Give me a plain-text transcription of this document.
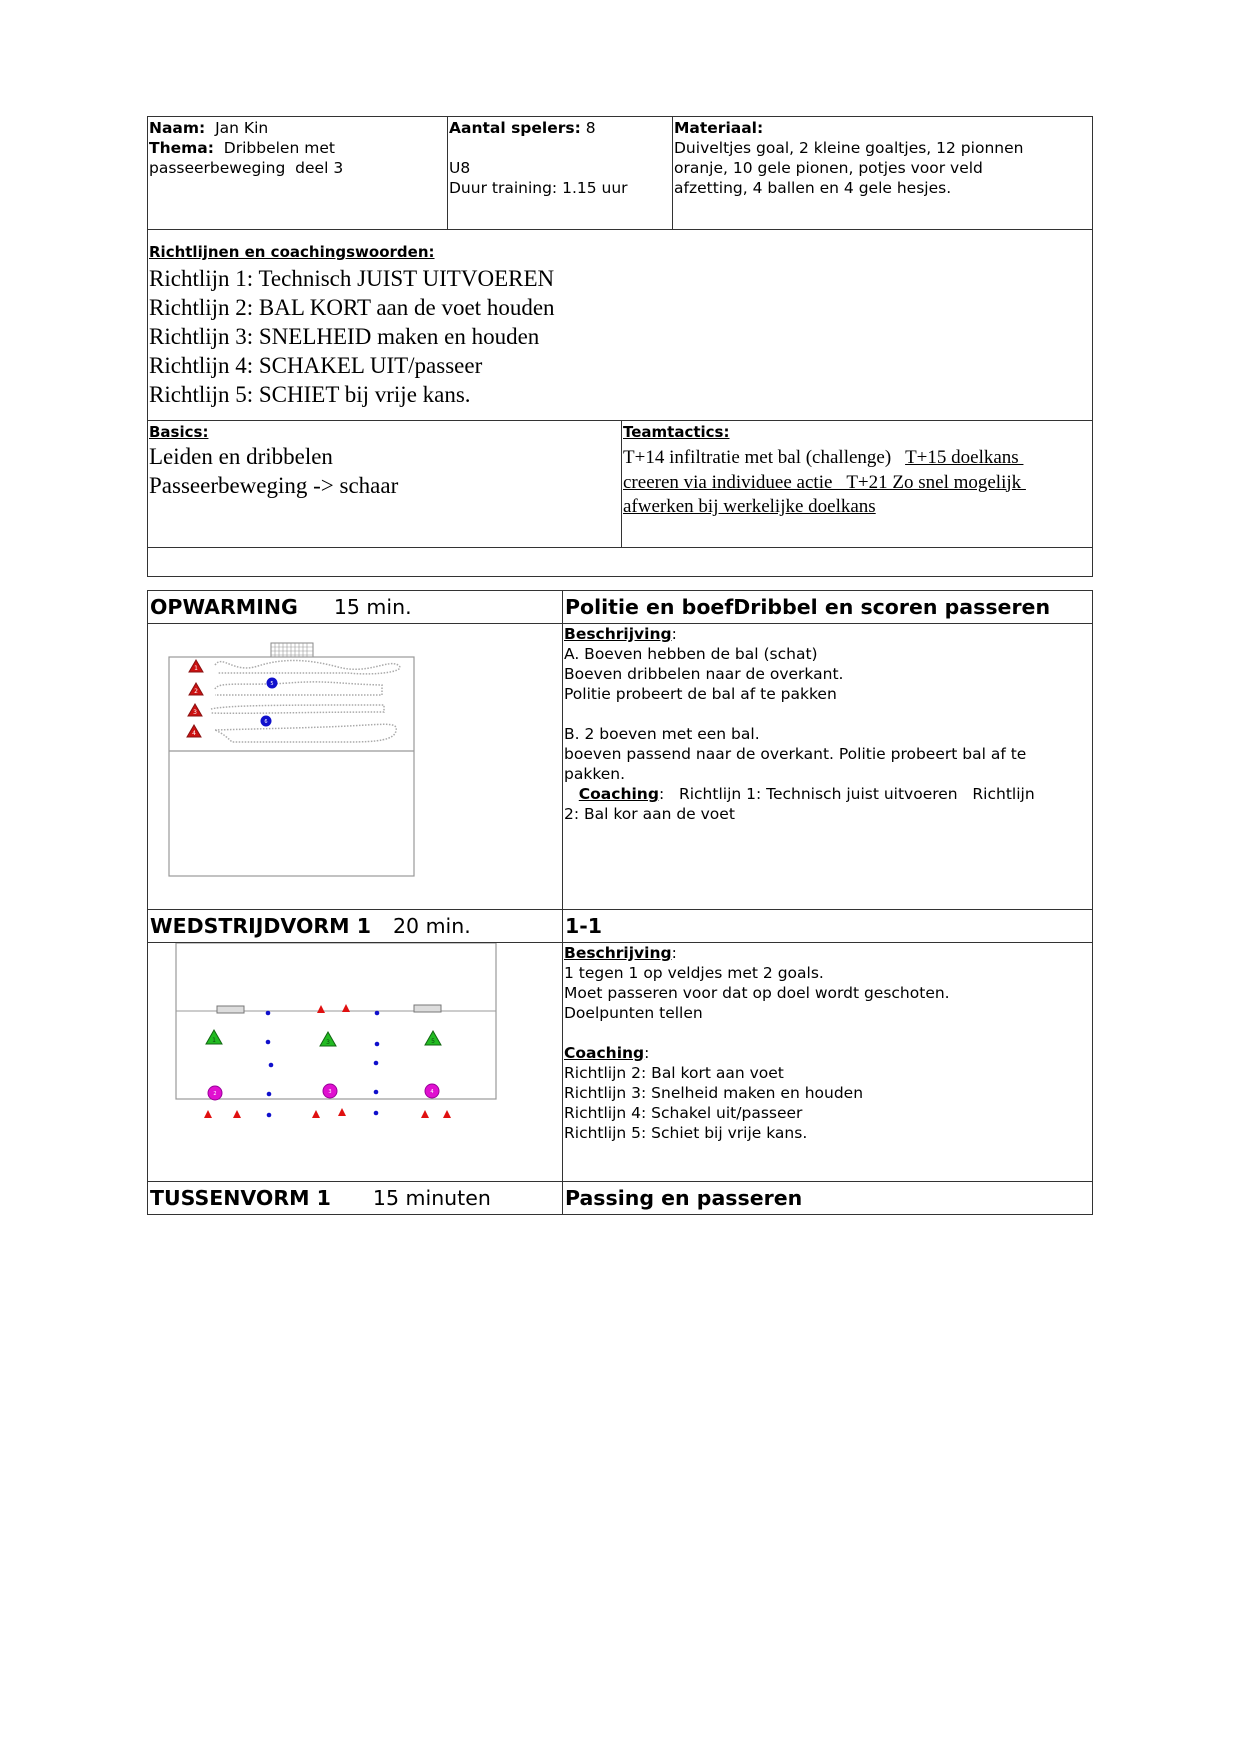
Naam: Jan Kin
Thema: Dribbelen met
passeerbeweging  deel 3
Aantal spelers: 8

U8
Duur training: 1.15 uur
Materiaal:
Duiveltjes goal, 2 kleine goaltjes, 12 pionnen
oranje, 10 gele pionen, potjes voor veld
afzetting, 4 ballen en 4 gele hesjes.
Richtlijnen en coachingswoorden:
Richtlijn 1: Technisch JUIST UITVOEREN
Richtlijn 2: BAL KORT aan de voet houden
Richtlijn 3: SNELHEID maken en houden
Richtlijn 4: SCHAKEL UIT/passeer
Richtlijn 5: SCHIET bij vrije kans.
Basics:
Leiden en dribbelen
Passeerbeweging -> schaar
Teamtactics:
T+14 infiltratie met bal (challenge)   T+15 doelkans
creeren via individuee actie   T+21 Zo snel mogelijk
afwerken bij werkelijke doelkans
OPWARMING 15 min.	Politie en boefDribbel en scoren passeren
1
2
3
4
5
6
Beschrijving:
A. Boeven hebben de bal (schat)
Boeven dribbelen naar de overkant.
Politie probeert de bal af te pakken

B. 2 boeven met een bal.
boeven passend naar de overkant. Politie probeert bal af te
pakken.
Coaching:   Richtlijn 1: Technisch juist uitvoeren   Richtlijn
2: Bal kor aan de voet
WEDSTRIJDVORM 1 20 min.	1-1
1	3	5
2	3	4
Beschrijving:
1 tegen 1 op veldjes met 2 goals.
Moet passeren voor dat op doel wordt geschoten.
Doelpunten tellen

Coaching:
Richtlijn 2: Bal kort aan voet
Richtlijn 3: Snelheid maken en houden
Richtlijn 4: Schakel uit/passeer
Richtlijn 5: Schiet bij vrije kans.
TUSSENVORM 1 15 minuten	Passing en passeren
